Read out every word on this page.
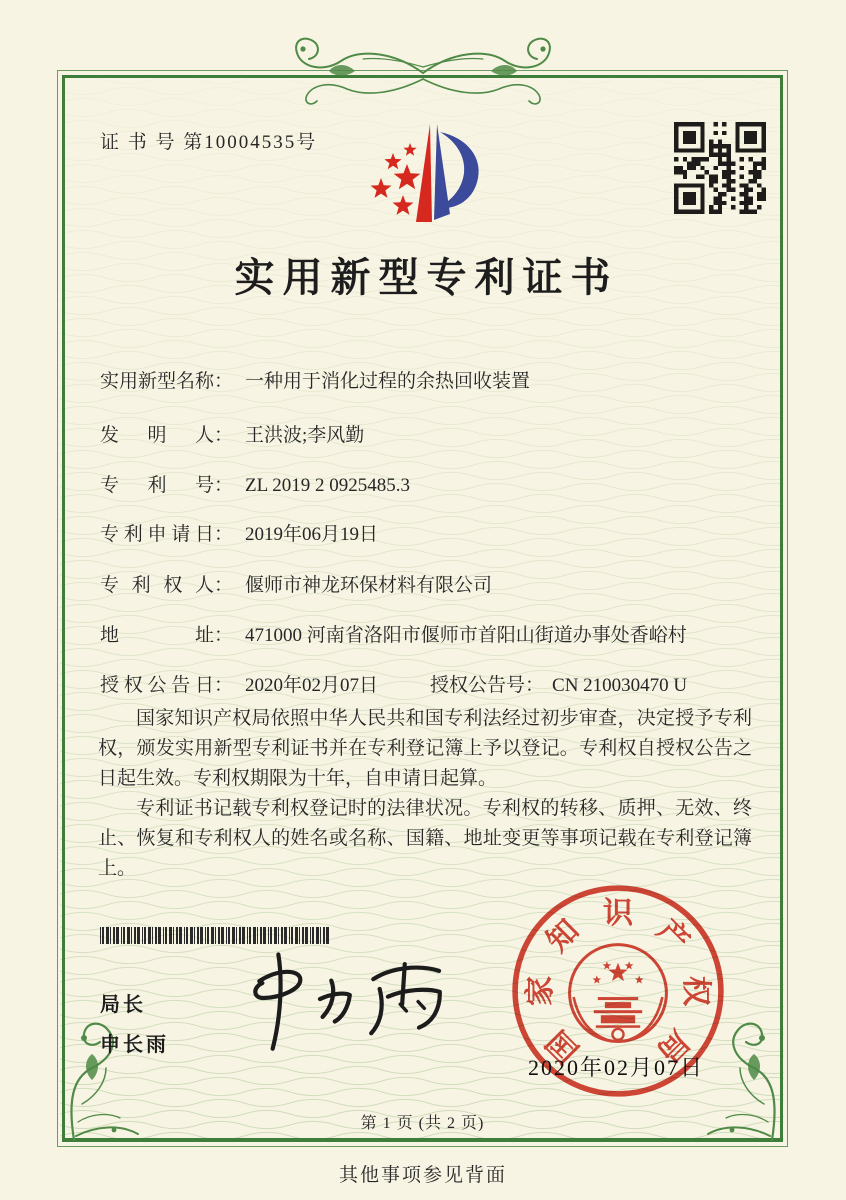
证 书 号 第10004535号
实用新型专利证书
实用新型名称： 一种用于消化过程的余热回收装置
发明人： 王洪波;李风勤
专利号： ZL 2019 2 0925485.3
专利申请日： 2019年06月19日
专利权人： 偃师市神龙环保材料有限公司
地址： 471000 河南省洛阳市偃师市首阳山街道办事处香峪村
授权公告日： 2020年02月07日	授权公告号： CN 210030470 U

国家知识产权局依照中华人民共和国专利法经过初步审查，决定授予专利权，颁发实用新型专利证书并在专利登记簿上予以登记。专利权自授权公告之日起生效。专利权期限为十年，自申请日起算。

专利证书记载专利权登记时的法律状况。专利权的转移、质押、无效、终止、恢复和专利权人的姓名或名称、国籍、地址变更等事项记载在专利登记簿上。

局长
申长雨	国
家
知
识
产
权
局
2020年02月07日
第 1 页 (共 2 页)
其他事项参见背面
